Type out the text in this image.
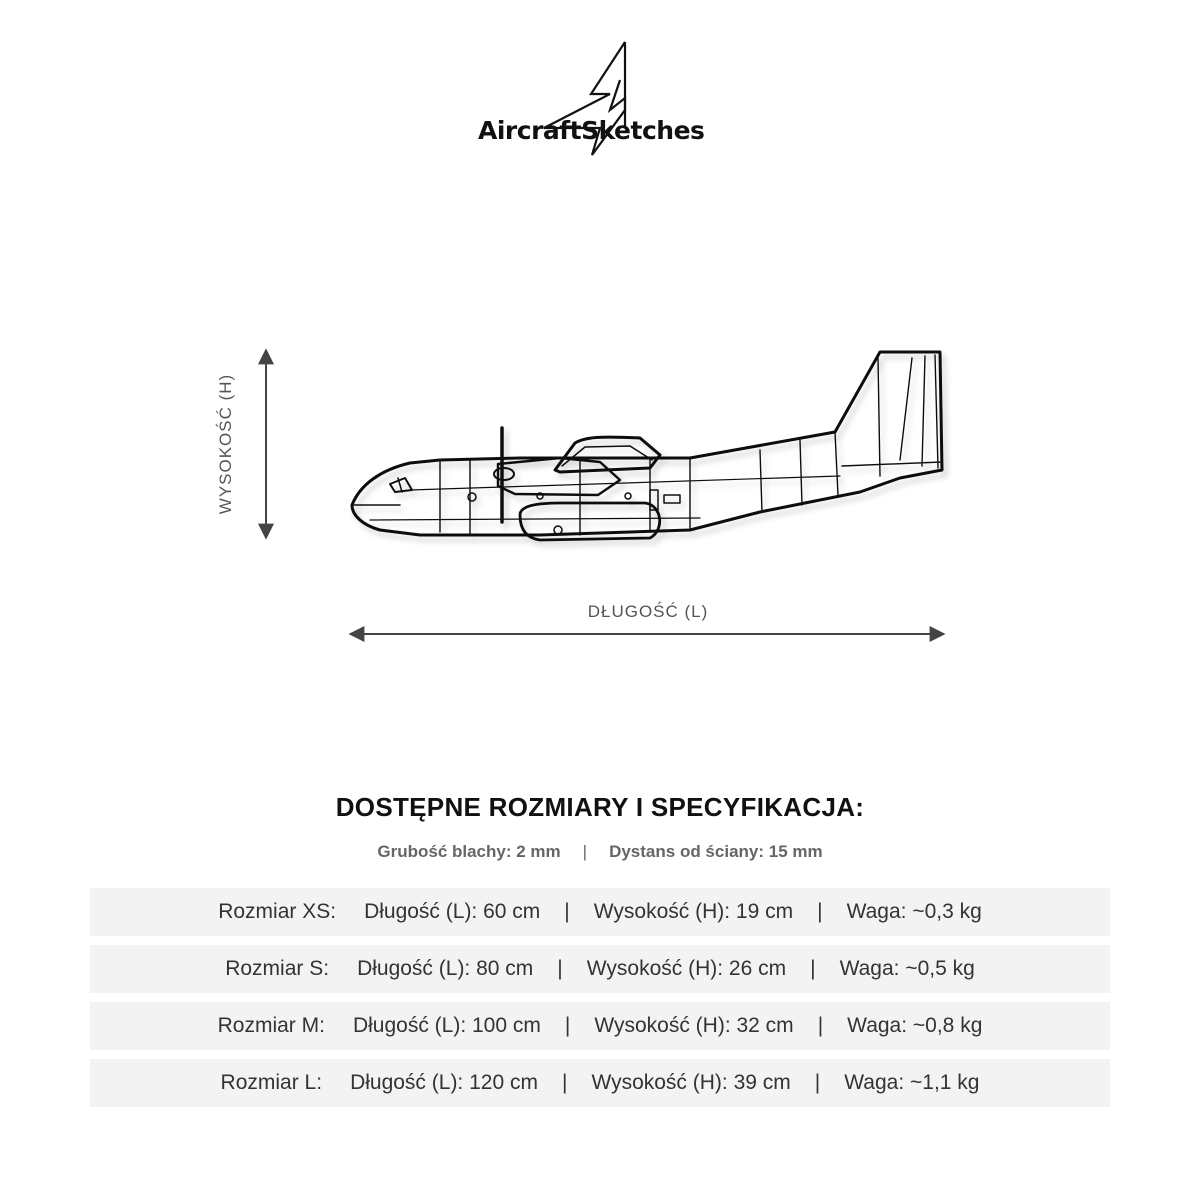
AircraftSketches
WYSOKOŚĆ (H)
DŁUGOŚĆ (L)
DOSTĘPNE ROZMIARY I SPECYFIKACJA:
Grubość blachy: 2 mm | Dystans od ściany: 15 mm
Rozmiar XS: Długość (L): 60 cm | Wysokość (H): 19 cm | Waga: ~0,3 kg
Rozmiar S: Długość (L): 80 cm | Wysokość (H): 26 cm | Waga: ~0,5 kg
Rozmiar M: Długość (L): 100 cm | Wysokość (H): 32 cm | Waga: ~0,8 kg
Rozmiar L: Długość (L): 120 cm | Wysokość (H): 39 cm | Waga: ~1,1 kg
